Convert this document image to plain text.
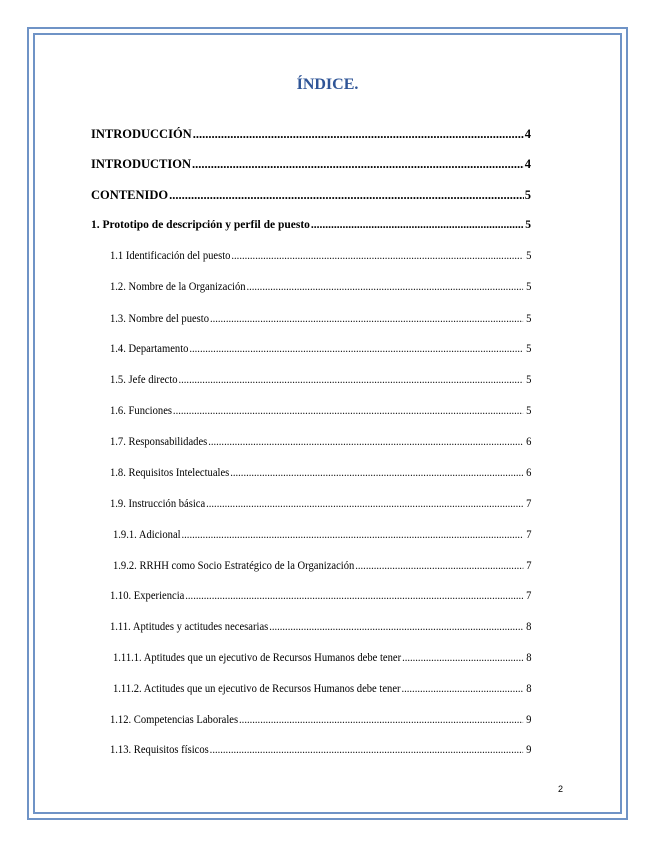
ÍNDICE.
INTRODUCCIÓN .....	4
INTRODUCTION .....	4
CONTENIDO .....	5
1. Prototipo de descripción y perfil de puesto .....	5
1.1 Identificación del puesto .....	5
1.2. Nombre de la Organización .....	5
1.3. Nombre del puesto .....	5
1.4. Departamento .....	5
1.5. Jefe directo .....	5
1.6. Funciones .....	5
1.7. Responsabilidades .....	6
1.8. Requisitos Intelectuales .....	6
1.9. Instrucción básica .....	7
1.9.1. Adicional .....	7
1.9.2. RRHH como Socio Estratégico de la Organización .....	7
1.10. Experiencia .....	7
1.11. Aptitudes y actitudes necesarias .....	8
1.11.1. Aptitudes que un ejecutivo de Recursos Humanos debe tener .....	8
1.11.2. Actitudes que un ejecutivo de Recursos Humanos debe tener .....	8
1.12. Competencias Laborales .....	9
1.13. Requisitos físicos .....	9
2
